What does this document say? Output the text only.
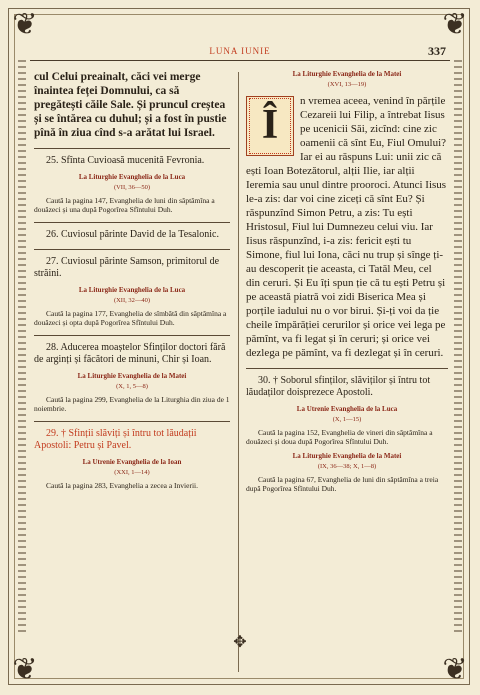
❦	❦
❦	❦
LUNA IUNIE	337

cul Celui preainalt, căci vei merge înaintea feței Domnului, ca să pregătești căile Sale. Și pruncul creștea și se întărea cu duhul; și a fost în pustie pînă în ziua cînd s-a arătat lui Israel.

25. Sfînta Cuvioasă mucenită Fevronia.

La Liturghie Evanghelia de la Luca

(VII, 36—50)

Caută la pagina 147, Evanghelia de luni din săptămîna a douăzeci și una după Pogorîrea Sfîntului Duh.

26. Cuviosul părinte David de la Tesalonic.

27. Cuviosul părinte Samson, primitorul de străini.

La Liturghie Evanghelia de la Luca

(XII, 32—40)

Caută la pagina 177, Evanghelia de sîmbătă din săptămîna a douăzeci și opta după Pogorîrea Sfîntului Duh.

28. Aducerea moaștelor Sfinților doctori fără de arginți și făcători de minuni, Chir și Ioan.

La Liturghie Evanghelia de la Matei

(X, 1, 5—8)

Caută la pagina 299, Evanghelia de la Liturghia din ziua de 1 noiembrie.

29. † Sfinții slăviți și întru tot lăudații Apostoli: Petru și Pavel.

La Utrenie Evanghelia de la Ioan

(XXI, 1—14)

Caută la pagina 283, Evanghelia a zecea a Invierii.

La Liturghie Evanghelia de la Matei

(XVI, 13—19)

Î

n vremea aceea, venind în părțile Cezareii lui Filip, a întrebat Iisus pe ucenicii Săi, zicînd: cine zic oamenii că sînt Eu, Fiul Omului? Iar ei au răspuns Lui: unii zic că ești Ioan Botezătorul, alții Ilie, iar alții Ieremia sau unul dintre prooroci. Atunci Iisus le-a zis: dar voi cine ziceți că sînt Eu? Și răspunzînd Simon Petru, a zis: Tu ești Hristosul, Fiul lui Dumnezeu celui viu. Iar Iisus răspunzînd, i-a zis: fericit ești tu Simone, fiul lui Iona, căci nu trup și sînge ți-au descoperit ție aceasta, ci Tatăl Meu, cel din ceruri. Și Eu îți spun ție că tu ești Petru și pe această piatră voi zidi Biserica Mea și porțile iadului nu o vor birui. Și-ți voi da ție cheile împărăției cerurilor și orice vei lega pe pămînt, va fi legat și în ceruri; și orice vei dezlega pe pămînt, va fi dezlegat și în ceruri.

30. † Soborul sfinților, slăviților și întru tot lăudaților doisprezece Apostoli.

La Utrenie Evanghelia de la Luca

(X, 1—15)

Caută la pagina 152, Evanghelia de vineri din săptămîna a douăzeci și doua după Pogorîrea Sfîntului Duh.

La Liturghie Evanghelia de la Matei

(IX, 36—38; X, 1—8)

Caută la pagina 67, Evanghelia de luni din săptămîna a treia după Pogorîrea Sfîntului Duh.

✥
